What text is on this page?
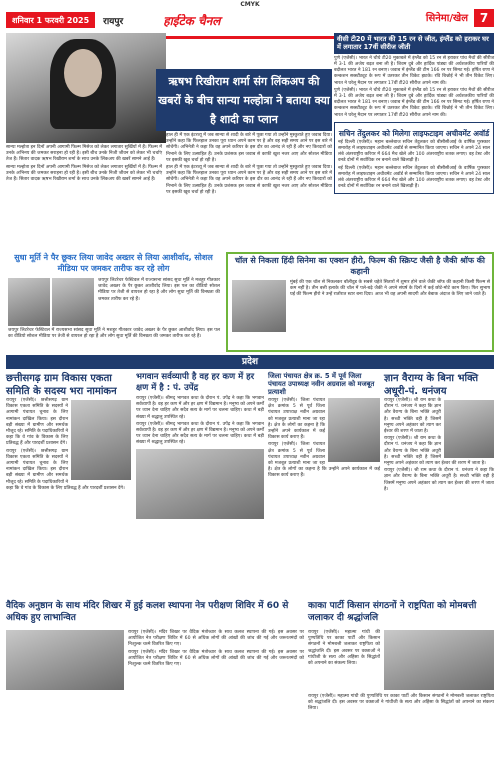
CMYK
शनिवार 1 फरवरी 2025	रायपुर	हाईटेक चैनल	सिनेमा/खेल 7

ऋषभ रिखीराम शर्मा संग लिंकअप की खबरों के बीच सान्या मल्होत्रा ने बताया क्या है शादी का प्लान

सान्या मल्होत्रा इन दिनों अपनी आगामी फिल्म मिसेज को लेकर लगातार सुर्खियों में हैं। फिल्म में उनके अभिनय की जमकर सराहना हो रही है। इसी बीच उनके निजी जीवन को लेकर भी चर्चाएं तेज हैं। सितार वादक ऋषभ रिखीराम शर्मा के साथ उनके लिंकअप की खबरें सामने आई हैं।

सान्या मल्होत्रा इन दिनों अपनी आगामी फिल्म मिसेज को लेकर लगातार सुर्खियों में हैं। फिल्म में उनके अभिनय की जमकर सराहना हो रही है। इसी बीच उनके निजी जीवन को लेकर भी चर्चाएं तेज हैं। सितार वादक ऋषभ रिखीराम शर्मा के साथ उनके लिंकअप की खबरें सामने आई हैं।

हाल ही में एक इंटरव्यू में जब सान्या से शादी के बारे में पूछा गया तो उन्होंने मुस्कुराते हुए जवाब दिया। उन्होंने कहा कि फिलहाल उनका पूरा ध्यान अपने काम पर है और वह सही समय आने पर इस बारे में सोचेंगी। अभिनेत्री ने कहा कि वह अपने करियर के इस दौर का आनंद ले रही हैं और नए किरदारों को निभाने के लिए उत्साहित हैं। उनके प्रशंसक इस जवाब से काफी खुश नजर आए और सोशल मीडिया पर इसकी खूब चर्चा हो रही है।

हाल ही में एक इंटरव्यू में जब सान्या से शादी के बारे में पूछा गया तो उन्होंने मुस्कुराते हुए जवाब दिया। उन्होंने कहा कि फिलहाल उनका पूरा ध्यान अपने काम पर है और वह सही समय आने पर इस बारे में सोचेंगी। अभिनेत्री ने कहा कि वह अपने करियर के इस दौर का आनंद ले रही हैं और नए किरदारों को निभाने के लिए उत्साहित हैं। उनके प्रशंसक इस जवाब से काफी खुश नजर आए और सोशल मीडिया पर इसकी खूब चर्चा हो रही है।

वीसी टी20 में भारत की 15 रन से जीत, इंग्लैंड को हराकर घर में लगातार 17वीं सीरीज जीती

पुणे (एजेंसी)। भारत ने चौथे टी20 मुकाबले में इंग्लैंड को 15 रन से हराकर पांच मैचों की सीरीज में 3-1 की अजेय बढ़त बना ली है। शिवम दुबे और हार्दिक पांड्या की अर्धशतकीय पारियों की बदौलत भारत ने 181 रन बनाए। जवाब में इंग्लैंड की टीम 166 रन पर सिमट गई। हर्षित राणा ने कन्कशन सब्स्टीट्यूट के रूप में उतरकर तीन विकेट झटके। रवि बिश्नोई ने भी तीन विकेट लिए। भारत ने घरेलू मैदान पर लगातार 17वीं टी20 सीरीज अपने नाम की।

पुणे (एजेंसी)। भारत ने चौथे टी20 मुकाबले में इंग्लैंड को 15 रन से हराकर पांच मैचों की सीरीज में 3-1 की अजेय बढ़त बना ली है। शिवम दुबे और हार्दिक पांड्या की अर्धशतकीय पारियों की बदौलत भारत ने 181 रन बनाए। जवाब में इंग्लैंड की टीम 166 रन पर सिमट गई। हर्षित राणा ने कन्कशन सब्स्टीट्यूट के रूप में उतरकर तीन विकेट झटके। रवि बिश्नोई ने भी तीन विकेट लिए। भारत ने घरेलू मैदान पर लगातार 17वीं टी20 सीरीज अपने नाम की।

सचिन तेंदुलकर को मिलेगा लाइफटाइम अचीवमेंट अवॉर्ड

नई दिल्ली (एजेंसी)। महान बल्लेबाज सचिन तेंदुलकर को बीसीसीआई के वार्षिक पुरस्कार समारोह में लाइफटाइम अचीवमेंट अवॉर्ड से सम्मानित किया जाएगा। सचिन ने अपने 24 साल लंबे अंतरराष्ट्रीय करियर में 664 मैच खेले और 100 अंतरराष्ट्रीय शतक लगाए। वह टेस्ट और वनडे दोनों में सर्वाधिक रन बनाने वाले खिलाड़ी हैं।

नई दिल्ली (एजेंसी)। महान बल्लेबाज सचिन तेंदुलकर को बीसीसीआई के वार्षिक पुरस्कार समारोह में लाइफटाइम अचीवमेंट अवॉर्ड से सम्मानित किया जाएगा। सचिन ने अपने 24 साल लंबे अंतरराष्ट्रीय करियर में 664 मैच खेले और 100 अंतरराष्ट्रीय शतक लगाए। वह टेस्ट और वनडे दोनों में सर्वाधिक रन बनाने वाले खिलाड़ी हैं।

सुधा मूर्ति ने पैर छूकर लिया जावेद अख्तर से लिया आशीर्वाद, सोशल मीडिया पर जमकर तारीफ कर रहे लोग

जयपुर लिटरेचर फेस्टिवल में राज्यसभा सांसद सुधा मूर्ति ने मशहूर गीतकार जावेद अख्तर के पैर छूकर आशीर्वाद लिया। इस पल का वीडियो सोशल मीडिया पर तेजी से वायरल हो रहा है और लोग सुधा मूर्ति की विनम्रता की जमकर तारीफ कर रहे हैं।

जयपुर लिटरेचर फेस्टिवल में राज्यसभा सांसद सुधा मूर्ति ने मशहूर गीतकार जावेद अख्तर के पैर छूकर आशीर्वाद लिया। इस पल का वीडियो सोशल मीडिया पर तेजी से वायरल हो रहा है और लोग सुधा मूर्ति की विनम्रता की जमकर तारीफ कर रहे हैं।

चॉल से निकला हिंदी सिनेमा का एक्शन हीरो, फिल्म की स्क्रिप्ट जैसी है जैकी श्रॉफ की कहानी

मुंबई की एक चॉल से निकलकर बॉलीवुड के सबसे चहेते सितारों में शुमार होने वाले जैकी श्रॉफ की कहानी किसी फिल्म से कम नहीं है। तीन बत्ती इलाके की चॉल में पले-बढ़े जैकी ने अपने संघर्ष के दिनों में कई छोटे-मोटे काम किए। फिर सुभाष घई की फिल्म हीरो ने उन्हें रातोंरात स्टार बना दिया। आज भी वह अपनी सादगी और बेबाक अंदाज के लिए जाने जाते हैं।

प्रदेश
छत्तीसगढ़ ग्राम विकास एकता समिति के सदस्य भरा नामांकन

रायपुर (एजेंसी)। छत्तीसगढ़ ग्राम विकास एकता समिति के सदस्यों ने आगामी पंचायत चुनाव के लिए नामांकन दाखिल किया। इस दौरान बड़ी संख्या में ग्रामीण और समर्थक मौजूद रहे। समिति के पदाधिकारियों ने कहा कि वे गांव के विकास के लिए प्रतिबद्ध हैं और पारदर्शी प्रशासन देंगे।

रायपुर (एजेंसी)। छत्तीसगढ़ ग्राम विकास एकता समिति के सदस्यों ने आगामी पंचायत चुनाव के लिए नामांकन दाखिल किया। इस दौरान बड़ी संख्या में ग्रामीण और समर्थक मौजूद रहे। समिति के पदाधिकारियों ने कहा कि वे गांव के विकास के लिए प्रतिबद्ध हैं और पारदर्शी प्रशासन देंगे।

भगवान सर्वव्यापी है वह हर कण में हर क्षण में है : पं. उपेंद्र

रायपुर (एजेंसी)। श्रीमद् भागवत कथा के दौरान पं. उपेंद्र ने कहा कि भगवान सर्वव्यापी है। वह हर कण में और हर क्षण में विद्यमान है। मनुष्य को अपने कर्मों पर ध्यान देना चाहिए और सदैव सत्य के मार्ग पर चलना चाहिए। कथा में बड़ी संख्या में श्रद्धालु उपस्थित रहे।

रायपुर (एजेंसी)। श्रीमद् भागवत कथा के दौरान पं. उपेंद्र ने कहा कि भगवान सर्वव्यापी है। वह हर कण में और हर क्षण में विद्यमान है। मनुष्य को अपने कर्मों पर ध्यान देना चाहिए और सदैव सत्य के मार्ग पर चलना चाहिए। कथा में बड़ी संख्या में श्रद्धालु उपस्थित रहे।

जिला पंचायत क्षेत्र क्र. 5 में पूर्व जिला पंचायत उपाध्यक्ष नवीन अग्रवाल को मजबूत प्रत्याशी

रायपुर (एजेंसी)। जिला पंचायत क्षेत्र क्रमांक 5 से पूर्व जिला पंचायत उपाध्यक्ष नवीन अग्रवाल को मजबूत प्रत्याशी माना जा रहा है। क्षेत्र के लोगों का कहना है कि उन्होंने अपने कार्यकाल में कई विकास कार्य कराए हैं।

रायपुर (एजेंसी)। जिला पंचायत क्षेत्र क्रमांक 5 से पूर्व जिला पंचायत उपाध्यक्ष नवीन अग्रवाल को मजबूत प्रत्याशी माना जा रहा है। क्षेत्र के लोगों का कहना है कि उन्होंने अपने कार्यकाल में कई विकास कार्य कराए हैं।

ज्ञान वैराग्य के बिना भक्ति अधूरी-पं. धनंजय

रायपुर (एजेंसी)। श्री राम कथा के दौरान पं. धनंजय ने कहा कि ज्ञान और वैराग्य के बिना भक्ति अधूरी है। सच्ची भक्ति वही है जिसमें मनुष्य अपने अहंकार को त्याग कर ईश्वर की शरण में जाता है।

रायपुर (एजेंसी)। श्री राम कथा के दौरान पं. धनंजय ने कहा कि ज्ञान और वैराग्य के बिना भक्ति अधूरी है। सच्ची भक्ति वही है जिसमें मनुष्य अपने अहंकार को त्याग कर ईश्वर की शरण में जाता है।

रायपुर (एजेंसी)। श्री राम कथा के दौरान पं. धनंजय ने कहा कि ज्ञान और वैराग्य के बिना भक्ति अधूरी है। सच्ची भक्ति वही है जिसमें मनुष्य अपने अहंकार को त्याग कर ईश्वर की शरण में जाता है।

वैदिक अनुष्ठान के साथ मंदिर शिखर में हुई कलश स्थापना नेत्र परीक्षण शिविर में 60 से अधिक हुए लाभान्वित

रायपुर (एजेंसी)। मंदिर शिखर पर वैदिक मंत्रोच्चार के साथ कलश स्थापना की गई। इस अवसर पर आयोजित नेत्र परीक्षण शिविर में 60 से अधिक लोगों की आंखों की जांच की गई और जरूरतमंदों को निःशुल्क चश्मे वितरित किए गए।

रायपुर (एजेंसी)। मंदिर शिखर पर वैदिक मंत्रोच्चार के साथ कलश स्थापना की गई। इस अवसर पर आयोजित नेत्र परीक्षण शिविर में 60 से अधिक लोगों की आंखों की जांच की गई और जरूरतमंदों को निःशुल्क चश्मे वितरित किए गए।

काका पार्टी किसान संगठनों ने राष्ट्रपिता को मोमबत्ती जलाकर दी श्रद्धांजलि

रायपुर (एजेंसी)। महात्मा गांधी की पुण्यतिथि पर काका पार्टी और किसान संगठनों ने मोमबत्ती जलाकर राष्ट्रपिता को श्रद्धांजलि दी। इस अवसर पर वक्ताओं ने गांधीजी के सत्य और अहिंसा के सिद्धांतों को अपनाने का संकल्प लिया।

रायपुर (एजेंसी)। महात्मा गांधी की पुण्यतिथि पर काका पार्टी और किसान संगठनों ने मोमबत्ती जलाकर राष्ट्रपिता को श्रद्धांजलि दी। इस अवसर पर वक्ताओं ने गांधीजी के सत्य और अहिंसा के सिद्धांतों को अपनाने का संकल्प लिया।
